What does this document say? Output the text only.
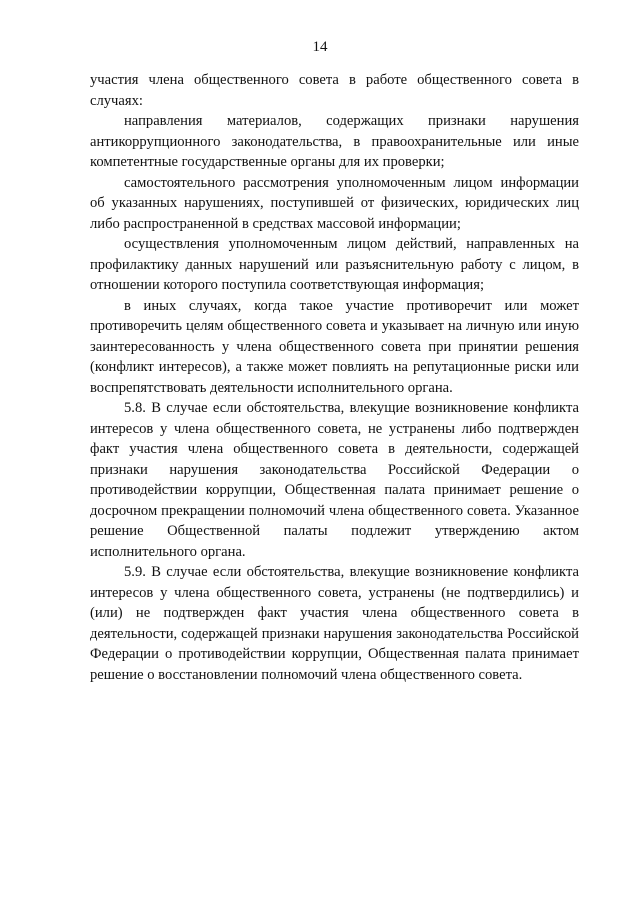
14

участия члена общественного совета в работе общественного совета в случаях:

направления материалов, содержащих признаки нарушения антикоррупционного законодательства, в правоохранительные или иные компетентные государственные органы для их проверки;

самостоятельного рассмотрения уполномоченным лицом информации об указанных нарушениях, поступившей от физических, юридических лиц либо распространенной в средствах массовой информации;

осуществления уполномоченным лицом действий, направленных на профилактику данных нарушений или разъяснительную работу с лицом, в отношении которого поступила соответствующая информация;

в иных случаях, когда такое участие противоречит или может противоречить целям общественного совета и указывает на личную или иную заинтересованность у члена общественного совета при принятии решения (конфликт интересов), а также может повлиять на репутационные риски или воспрепятствовать деятельности исполнительного органа.

5.8. В случае если обстоятельства, влекущие возникновение конфликта интересов у члена общественного совета, не устранены либо подтвержден факт участия члена общественного совета в деятельности, содержащей признаки нарушения законодательства Российской Федерации о противодействии коррупции, Общественная палата принимает решение о досрочном прекращении полномочий члена общественного совета. Указанное решение Общественной палаты подлежит утверждению актом исполнительного органа.

5.9. В случае если обстоятельства, влекущие возникновение конфликта интересов у члена общественного совета, устранены (не подтвердились) и (или) не подтвержден факт участия члена общественного совета в деятельности, содержащей признаки нарушения законодательства Российской Федерации о противодействии коррупции, Общественная палата принимает решение о восстановлении полномочий члена общественного совета.
